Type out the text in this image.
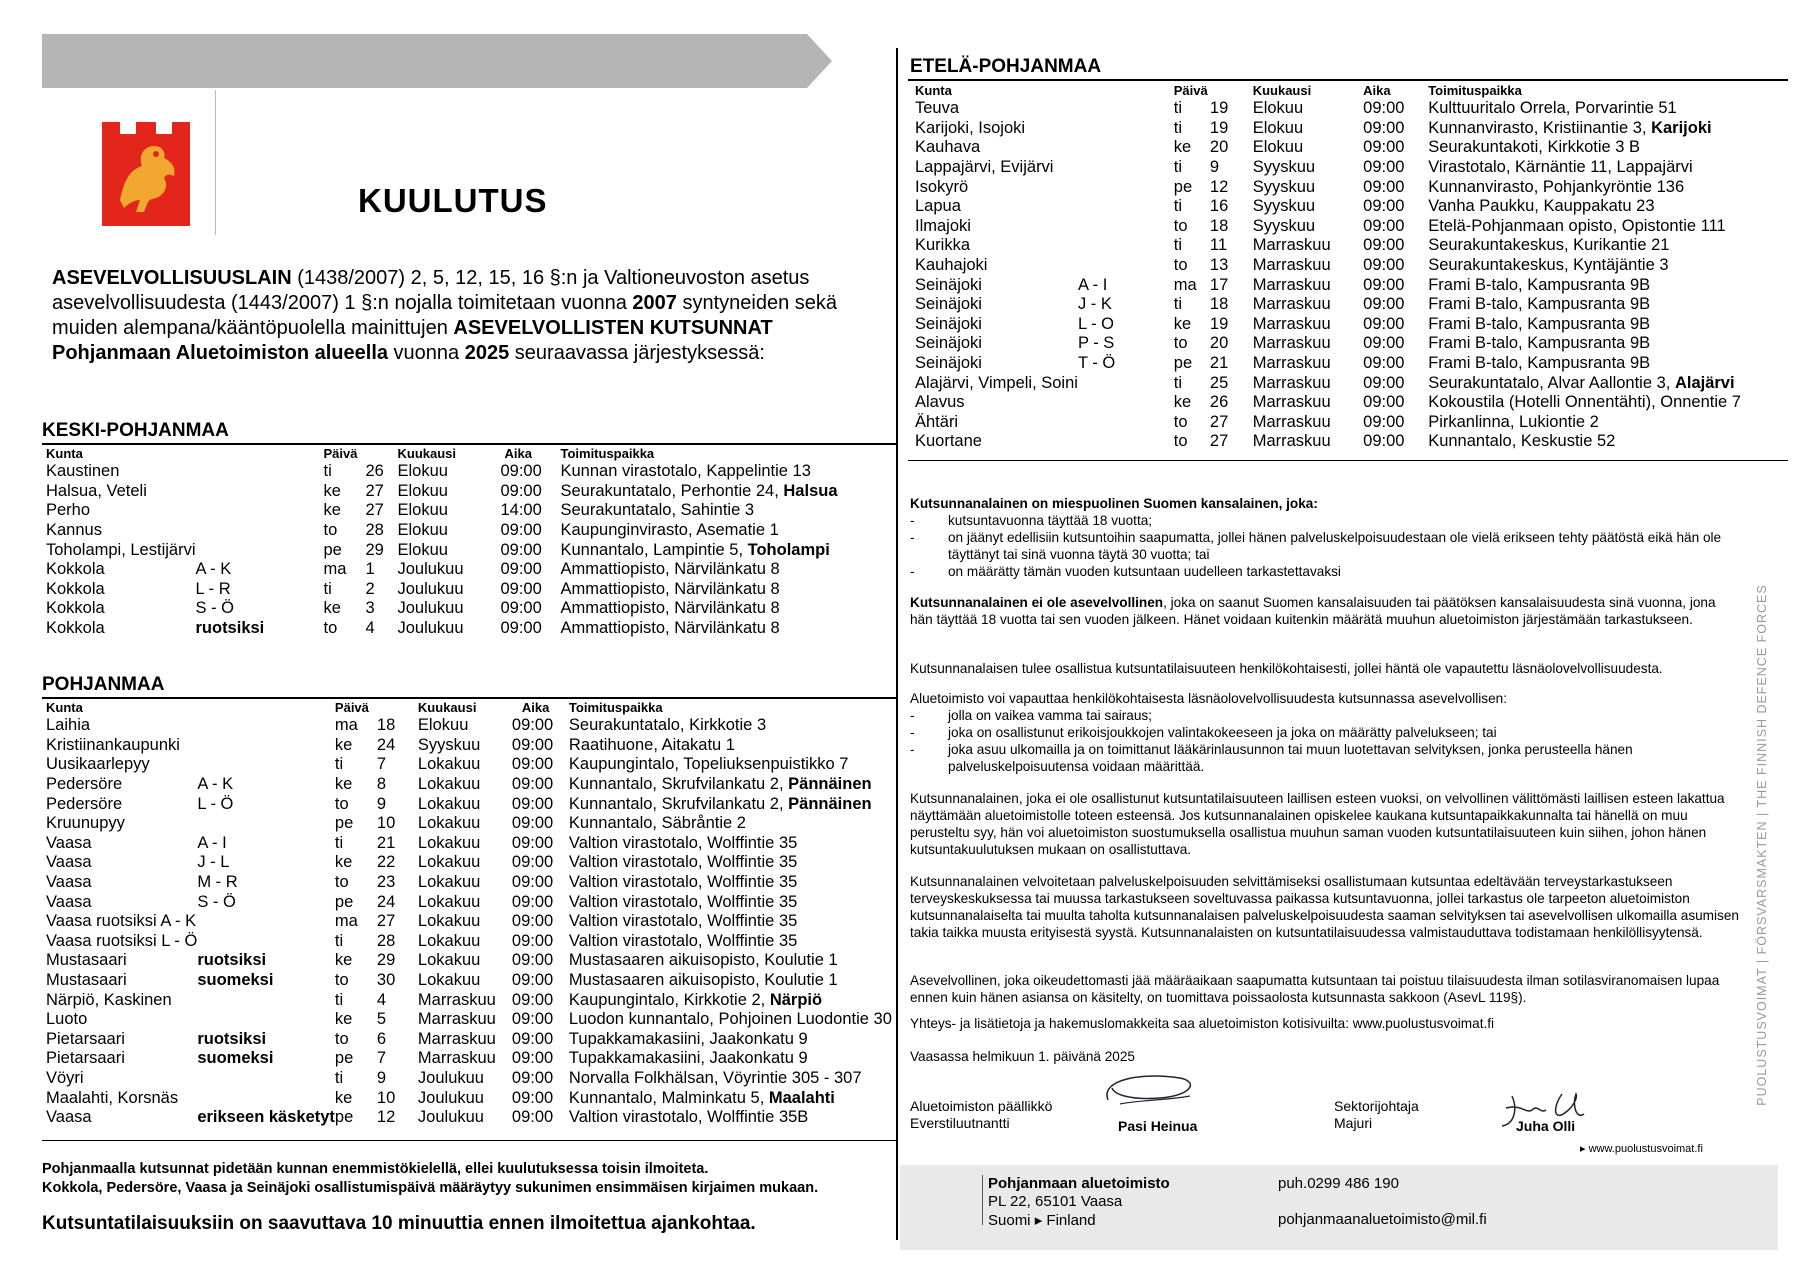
KUULUTUS
ASEVELVOLLISUUSLAIN (1438/2007) 2, 5, 12, 15, 16 §:n ja Valtioneuvoston asetus asevelvollisuudesta (1443/2007) 1 §:n nojalla toimitetaan vuonna 2007 syntyneiden sekä muiden alempana/kääntöpuolella mainittujen ASEVELVOLLISTEN KUTSUNNAT Pohjanmaan Aluetoimiston alueella vuonna 2025 seuraavassa järjestyksessä:
KESKI-POHJANMAA
Kunta		Päivä		Kuukausi	Aika	Toimituspaikka
Kaustinen		ti	26	Elokuu	09:00	Kunnan virastotalo, Kappelintie 13
Halsua, Veteli		ke	27	Elokuu	09:00	Seurakuntatalo, Perhontie 24, Halsua
Perho		ke	27	Elokuu	14:00	Seurakuntatalo, Sahintie 3
Kannus		to	28	Elokuu	09:00	Kaupunginvirasto, Asematie 1
Toholampi, Lestijärvi		pe	29	Elokuu	09:00	Kunnantalo, Lampintie 5, Toholampi
Kokkola	A - K	ma	1	Joulukuu	09:00	Ammattiopisto, Närvilänkatu 8
Kokkola	L - R	ti	2	Joulukuu	09:00	Ammattiopisto, Närvilänkatu 8
Kokkola	S - Ö	ke	3	Joulukuu	09:00	Ammattiopisto, Närvilänkatu 8
Kokkola	ruotsiksi	to	4	Joulukuu	09:00	Ammattiopisto, Närvilänkatu 8
POHJANMAA
Kunta		Päivä		Kuukausi	Aika	Toimituspaikka
Laihia		ma	18	Elokuu	09:00	Seurakuntatalo, Kirkkotie 3
Kristiinankaupunki		ke	24	Syyskuu	09:00	Raatihuone, Aitakatu 1
Uusikaarlepyy		ti	7	Lokakuu	09:00	Kaupungintalo, Topeliuksenpuistikko 7
Pedersöre	A - K	ke	8	Lokakuu	09:00	Kunnantalo, Skrufvilankatu 2, Pännäinen
Pedersöre	L - Ö	to	9	Lokakuu	09:00	Kunnantalo, Skrufvilankatu 2, Pännäinen
Kruunupyy		pe	10	Lokakuu	09:00	Kunnantalo, Säbråntie 2
Vaasa	A - I	ti	21	Lokakuu	09:00	Valtion virastotalo, Wolffintie 35
Vaasa	J - L	ke	22	Lokakuu	09:00	Valtion virastotalo, Wolffintie 35
Vaasa	M - R	to	23	Lokakuu	09:00	Valtion virastotalo, Wolffintie 35
Vaasa	S - Ö	pe	24	Lokakuu	09:00	Valtion virastotalo, Wolffintie 35
Vaasa ruotsiksi A - K		ma	27	Lokakuu	09:00	Valtion virastotalo, Wolffintie 35
Vaasa ruotsiksi L - Ö		ti	28	Lokakuu	09:00	Valtion virastotalo, Wolffintie 35
Mustasaari	ruotsiksi	ke	29	Lokakuu	09:00	Mustasaaren aikuisopisto, Koulutie 1
Mustasaari	suomeksi	to	30	Lokakuu	09:00	Mustasaaren aikuisopisto, Koulutie 1
Närpiö, Kaskinen		ti	4	Marraskuu	09:00	Kaupungintalo, Kirkkotie 2, Närpiö
Luoto		ke	5	Marraskuu	09:00	Luodon kunnantalo, Pohjoinen Luodontie 30
Pietarsaari	ruotsiksi	to	6	Marraskuu	09:00	Tupakkamakasiini, Jaakonkatu 9
Pietarsaari	suomeksi	pe	7	Marraskuu	09:00	Tupakkamakasiini, Jaakonkatu 9
Vöyri		ti	9	Joulukuu	09:00	Norvalla Folkhälsan, Vöyrintie 305 - 307
Maalahti, Korsnäs		ke	10	Joulukuu	09:00	Kunnantalo, Malminkatu 5, Maalahti
Vaasa	erikseen käsketyt	pe	12	Joulukuu	09:00	Valtion virastotalo, Wolffintie 35B
Pohjanmaalla kutsunnat pidetään kunnan enemmistökielellä, ellei kuulutuksessa toisin ilmoiteta.
Kokkola, Pedersöre, Vaasa ja Seinäjoki osallistumispäivä määräytyy sukunimen ensimmäisen kirjaimen mukaan.
Kutsuntatilaisuuksiin on saavuttava 10 minuuttia ennen ilmoitettua ajankohtaa.
ETELÄ-POHJANMAA
Kunta		Päivä		Kuukausi	Aika	Toimituspaikka
Teuva		ti	19	Elokuu	09:00	Kulttuuritalo Orrela, Porvarintie 51
Karijoki, Isojoki		ti	19	Elokuu	09:00	Kunnanvirasto, Kristiinantie 3, Karijoki
Kauhava		ke	20	Elokuu	09:00	Seurakuntakoti, Kirkkotie 3 B
Lappajärvi, Evijärvi		ti	9	Syyskuu	09:00	Virastotalo, Kärnäntie 11, Lappajärvi
Isokyrö		pe	12	Syyskuu	09:00	Kunnanvirasto, Pohjankyröntie 136
Lapua		ti	16	Syyskuu	09:00	Vanha Paukku, Kauppakatu 23
Ilmajoki		to	18	Syyskuu	09:00	Etelä-Pohjanmaan opisto, Opistontie 111
Kurikka		ti	11	Marraskuu	09:00	Seurakuntakeskus, Kurikantie 21
Kauhajoki		to	13	Marraskuu	09:00	Seurakuntakeskus, Kyntäjäntie 3
Seinäjoki	A - I	ma	17	Marraskuu	09:00	Frami B-talo, Kampusranta 9B
Seinäjoki	J - K	ti	18	Marraskuu	09:00	Frami B-talo, Kampusranta 9B
Seinäjoki	L - O	ke	19	Marraskuu	09:00	Frami B-talo, Kampusranta 9B
Seinäjoki	P - S	to	20	Marraskuu	09:00	Frami B-talo, Kampusranta 9B
Seinäjoki	T - Ö	pe	21	Marraskuu	09:00	Frami B-talo, Kampusranta 9B
Alajärvi, Vimpeli, Soini		ti	25	Marraskuu	09:00	Seurakuntatalo, Alvar Aallontie 3, Alajärvi
Alavus		ke	26	Marraskuu	09:00	Kokoustila (Hotelli Onnentähti), Onnentie 7
Ähtäri		to	27	Marraskuu	09:00	Pirkanlinna, Lukiontie 2
Kuortane		to	27	Marraskuu	09:00	Kunnantalo, Keskustie 52
Kutsunnanalainen on miespuolinen Suomen kansalainen, joka:
- kutsuntavuonna täyttää 18 vuotta;
- on jäänyt edellisiin kutsuntoihin saapumatta, jollei hänen palveluskelpoisuudestaan ole vielä erikseen tehty päätöstä eikä hän ole täyttänyt tai sinä vuonna täytä 30 vuotta; tai
- on määrätty tämän vuoden kutsuntaan uudelleen tarkastettavaksi
Kutsunnanalainen ei ole asevelvollinen, joka on saanut Suomen kansalaisuuden tai päätöksen kansalaisuudesta sinä vuonna, jona hän täyttää 18 vuotta tai sen vuoden jälkeen. Hänet voidaan kuitenkin määrätä muuhun aluetoimiston järjestämään tarkastukseen.
Kutsunnanalaisen tulee osallistua kutsuntatilaisuuteen henkilökohtaisesti, jollei häntä ole vapautettu läsnäolovelvollisuudesta.
Aluetoimisto voi vapauttaa henkilökohtaisesta läsnäolovelvollisuudesta kutsunnassa asevelvollisen:
- jolla on vaikea vamma tai sairaus;
- joka on osallistunut erikoisjoukkojen valintakokeeseen ja joka on määrätty palvelukseen; tai
- joka asuu ulkomailla ja on toimittanut lääkärinlausunnon tai muun luotettavan selvityksen, jonka perusteella hänen palveluskelpoisuutensa voidaan määrittää.
Kutsunnanalainen, joka ei ole osallistunut kutsuntatilaisuuteen laillisen esteen vuoksi, on velvollinen välittömästi laillisen esteen lakattua näyttämään aluetoimistolle toteen esteensä. Jos kutsunnanalainen opiskelee kaukana kutsuntapaikkakunnalta tai hänellä on muu perusteltu syy, hän voi aluetoimiston suostumuksella osallistua muuhun saman vuoden kutsuntatilaisuuteen kuin siihen, johon hänen kutsuntakuulutuksen mukaan on osallistuttava.
Kutsunnanalainen velvoitetaan palveluskelpoisuuden selvittämiseksi osallistumaan kutsuntaa edeltävään terveystarkastukseen terveyskeskuksessa tai muussa tarkastukseen soveltuvassa paikassa kutsuntavuonna, jollei tarkastus ole tarpeeton aluetoimiston kutsunnanalaiselta tai muulta taholta kutsunnanalaisen palveluskelpoisuudesta saaman selvityksen tai asevelvollisen ulkomailla asumisen takia taikka muusta erityisestä syystä. Kutsunnanalaisten on kutsuntatilaisuudessa valmistauduttava todistamaan henkilöllisyytensä.
Asevelvollinen, joka oikeudettomasti jää määräaikaan saapumatta kutsuntaan tai poistuu tilaisuudesta ilman sotilasviranomaisen lupaa ennen kuin hänen asiansa on käsitelty, on tuomittava poissaolosta kutsunnasta sakkoon (AsevL 119§).
Yhteys- ja lisätietoja ja hakemuslomakkeita saa aluetoimiston kotisivuilta: www.puolustusvoimat.fi
Vaasassa helmikuun 1. päivänä 2025
Aluetoimiston päällikkö
Everstiluutnantti	Pasi Heinua
Sektorijohtaja
Majuri	Juha Olli
▸ www.puolustusvoimat.fi
PUOLUSTUSVOIMAT | FÖRSVARSMAKTEN | THE FINNISH DEFENCE FORCES
Pohjanmaan aluetoimisto
PL 22, 65101 Vaasa
Suomi ▸ Finland
puh.0299 486 190
pohjanmaanaluetoimisto@mil.fi
